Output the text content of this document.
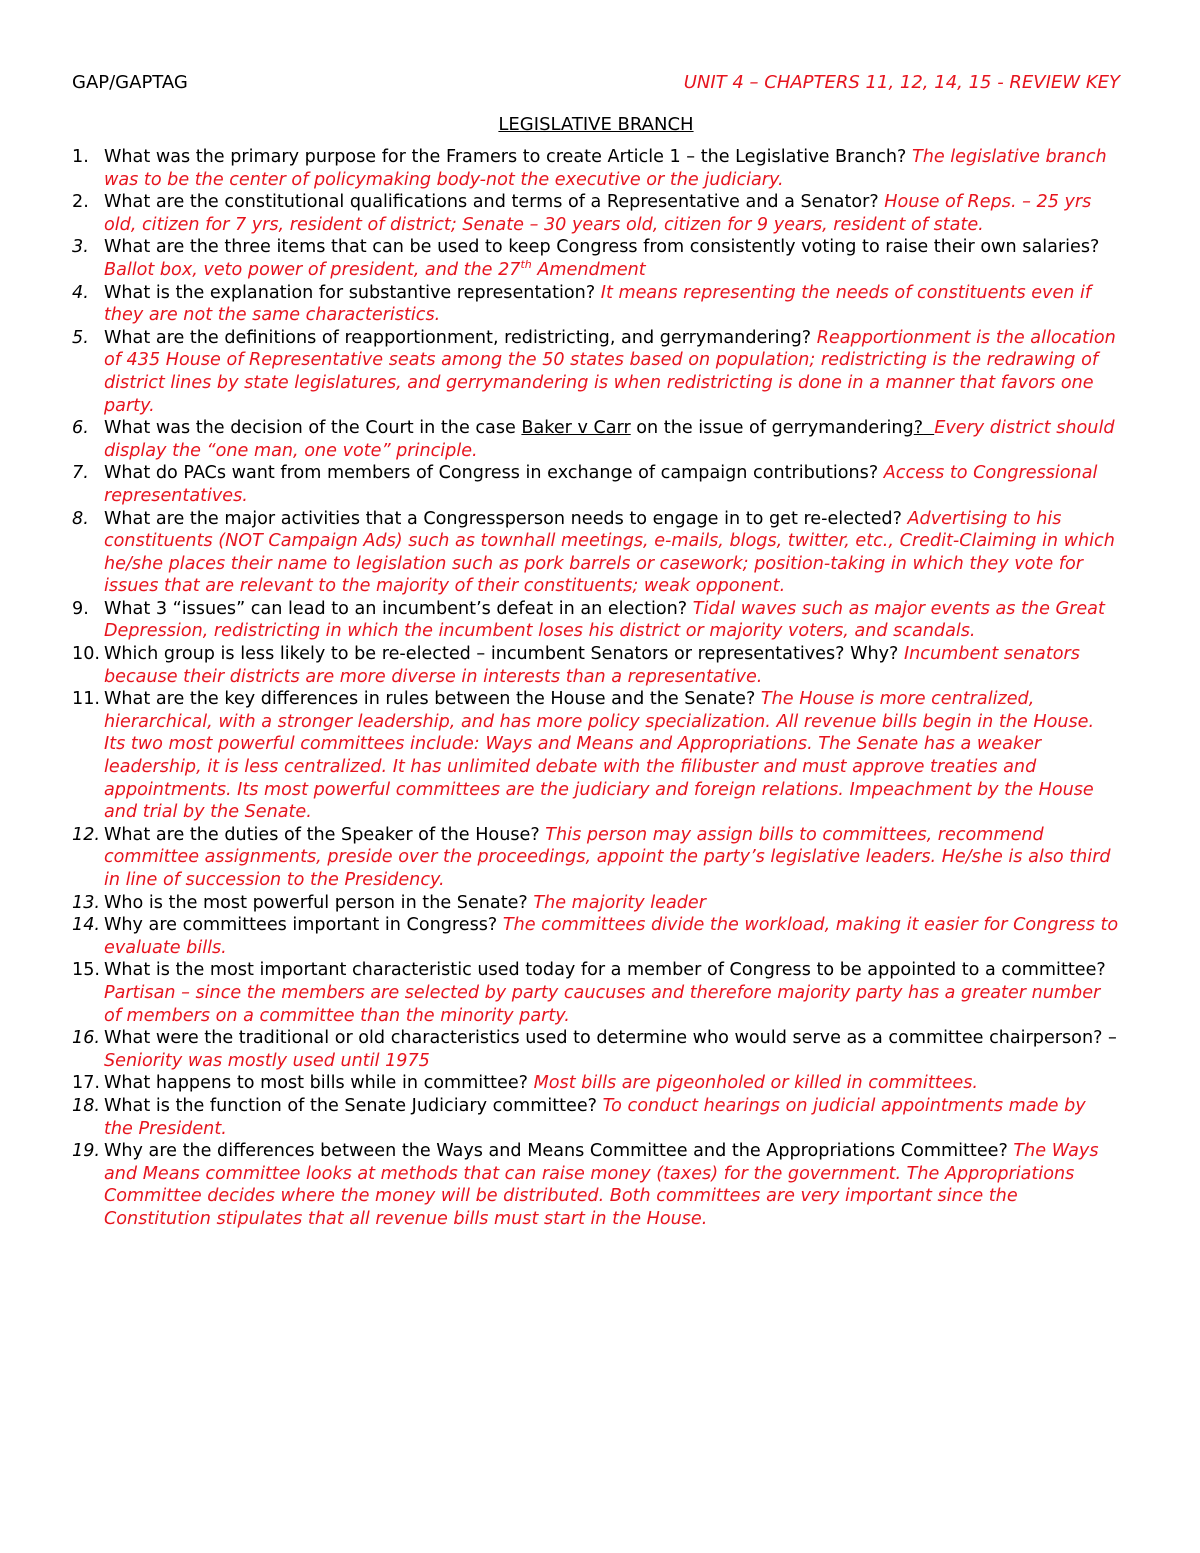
GAP/GAPTAG	UNIT 4 – CHAPTERS 11, 12, 14, 15 - REVIEW KEY
LEGISLATIVE BRANCH
1. What was the primary purpose for the Framers to create Article 1 – the Legislative Branch? The legislative branch was to be the center of policymaking body-not the executive or the judiciary.
2. What are the constitutional qualifications and terms of a Representative and a Senator? House of Reps. – 25 yrs old, citizen for 7 yrs, resident of district; Senate – 30 years old, citizen for 9 years, resident of state.
3. What are the three items that can be used to keep Congress from consistently voting to raise their own salaries? Ballot box, veto power of president, and the 27th Amendment
4. What is the explanation for substantive representation? It means representing the needs of constituents even if they are not the same characteristics.
5. What are the definitions of reapportionment, redistricting, and gerrymandering? Reapportionment is the allocation of 435 House of Representative seats among the 50 states based on population; redistricting is the redrawing of district lines by state legislatures, and gerrymandering is when redistricting is done in a manner that favors one party.
6. What was the decision of the Court in the case Baker v Carr on the issue of gerrymandering? Every district should display the “one man, one vote” principle.
7. What do PACs want from members of Congress in exchange of campaign contributions? Access to Congressional representatives.
8. What are the major activities that a Congressperson needs to engage in to get re-elected? Advertising to his constituents (NOT Campaign Ads) such as townhall meetings, e-mails, blogs, twitter, etc., Credit-Claiming in which he/she places their name to legislation such as pork barrels or casework; position-taking in which they vote for issues that are relevant to the majority of their constituents; weak opponent.
9. What 3 “issues” can lead to an incumbent’s defeat in an election? Tidal waves such as major events as the Great Depression, redistricting in which the incumbent loses his district or majority voters, and scandals.
10. Which group is less likely to be re-elected – incumbent Senators or representatives? Why? Incumbent senators because their districts are more diverse in interests than a representative.
11. What are the key differences in rules between the House and the Senate? The House is more centralized, hierarchical, with a stronger leadership, and has more policy specialization. All revenue bills begin in the House. Its two most powerful committees include: Ways and Means and Appropriations. The Senate has a weaker leadership, it is less centralized. It has unlimited debate with the filibuster and must approve treaties and appointments. Its most powerful committees are the judiciary and foreign relations. Impeachment by the House and trial by the Senate.
12. What are the duties of the Speaker of the House? This person may assign bills to committees, recommend committee assignments, preside over the proceedings, appoint the party’s legislative leaders. He/she is also third in line of succession to the Presidency.
13. Who is the most powerful person in the Senate? The majority leader
14. Why are committees important in Congress? The committees divide the workload, making it easier for Congress to evaluate bills.
15. What is the most important characteristic used today for a member of Congress to be appointed to a committee? Partisan – since the members are selected by party caucuses and therefore majority party has a greater number of members on a committee than the minority party.
16. What were the traditional or old characteristics used to determine who would serve as a committee chairperson? – Seniority was mostly used until 1975
17. What happens to most bills while in committee? Most bills are pigeonholed or killed in committees.
18. What is the function of the Senate Judiciary committee? To conduct hearings on judicial appointments made by the President.
19. Why are the differences between the Ways and Means Committee and the Appropriations Committee? The Ways and Means committee looks at methods that can raise money (taxes) for the government. The Appropriations Committee decides where the money will be distributed. Both committees are very important since the Constitution stipulates that all revenue bills must start in the House.
